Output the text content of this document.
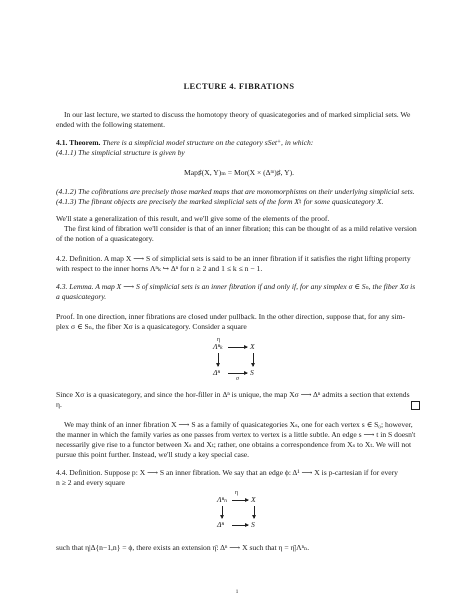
LECTURE 4. FIBRATIONS
In our last lecture, we started to discuss the homotopy theory of quasicategories and of marked simplicial sets. We
ended with the following statement.
4.1. Theorem. There is a simplicial model structure on the category sSet⁺, in which:
(4.1.1) The simplicial structure is given by
Map♯(X, Y)ₘ = Mor(X × (Δᵐ)♯, Y).
(4.1.2) The cofibrations are precisely those marked maps that are monomorphisms on their underlying simplicial sets.
(4.1.3) The fibrant objects are precisely the marked simplicial sets of the form X♮ for some quasicategory X.
We'll state a generalization of this result, and we'll give some of the elements of the proof.
The first kind of fibration we'll consider is that of an inner fibration; this can be thought of as a mild relative version
of the notion of a quasicategory.
4.2. Definition. A map X ⟶ S of simplicial sets is said to be an inner fibration if it satisfies the right lifting property
with respect to the inner horns Λⁿₖ ↪ Δⁿ for n ≥ 2 and 1 ≤ k ≤ n − 1.
4.3. Lemma. A map X ⟶ S of simplicial sets is an inner fibration if and only if, for any simplex σ ∈ Sₙ, the fiber Xσ is
a quasicategory.
Proof. In one direction, inner fibrations are closed under pullback. In the other direction, suppose that, for any sim-
plex σ ∈ Sₙ, the fiber Xσ is a quasicategory. Consider a square
η
Λⁿₖ	X
Δⁿ	S
σ
Since Xσ is a quasicategory, and since the hor-filler in Δⁿ is unique, the map Xσ ⟶ Δⁿ admits a section that extends
η.
We may think of an inner fibration X ⟶ S as a family of quasicategories Xₛ, one for each vertex s ∈ S₀; however,
the manner in which the family varies as one passes from vertex to vertex is a little subtle. An edge s ⟶ t in S doesn't
necessarily give rise to a functor between Xₛ and Xₜ; rather, one obtains a correspondence from Xₛ to Xₜ. We will not
pursue this point further. Instead, we'll study a key special case.
4.4. Definition. Suppose p: X ⟶ S an inner fibration. We say that an edge ϕ: Δ¹ ⟶ X is p-cartesian if for every
n ≥ 2 and every square
η
Λⁿₙ	X
Δⁿ	S
such that η|Δ{n−1,n} = ϕ, there exists an extension η̄: Δⁿ ⟶ X such that η = η̄|Λⁿₙ.
1
